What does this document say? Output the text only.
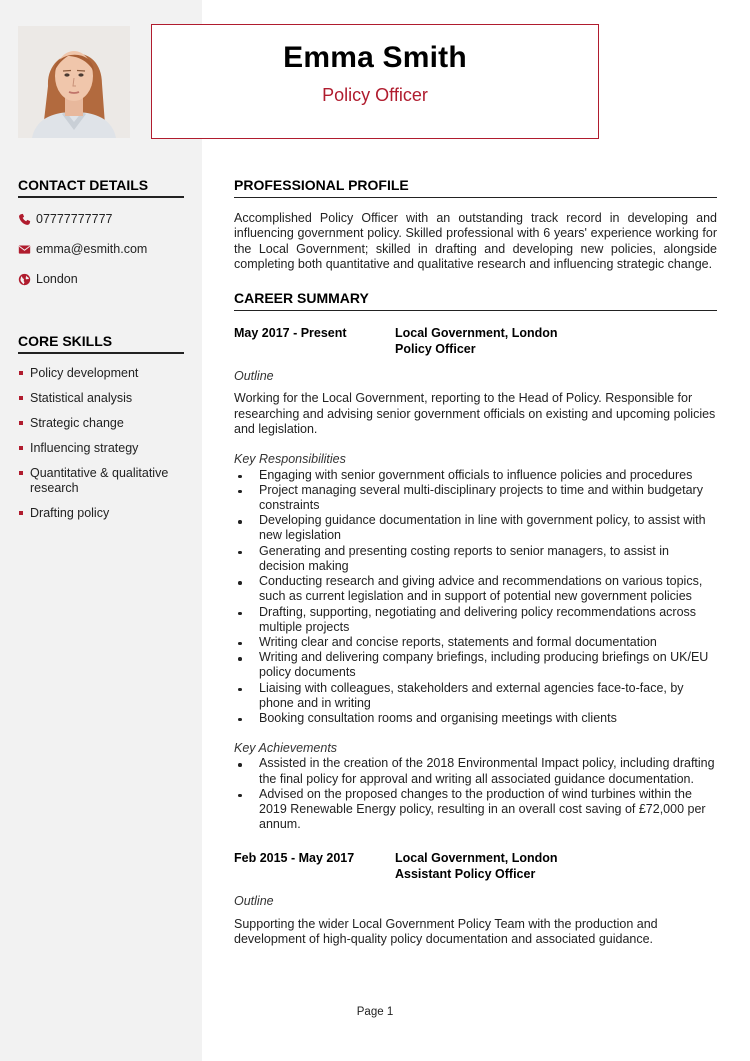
Emma Smith
Policy Officer
CONTACT DETAILS
07777777777
emma@esmith.com
London
CORE SKILLS
Policy development
Statistical analysis
Strategic change
Influencing strategy
Quantitative & qualitative research
Drafting policy
PROFESSIONAL PROFILE

Accomplished Policy Officer with an outstanding track record in developing and influencing government policy. Skilled professional with 6 years' experience working for the Local Government; skilled in drafting and developing new policies, alongside completing both quantitative and qualitative research and influencing strategic change.

CAREER SUMMARY
May 2017 - Present	Local Government, London
Policy Officer
Outline

Working for the Local Government, reporting to the Head of Policy. Responsible for researching and advising senior government officials on existing and upcoming policies and legislation.

Key Responsibilities
Engaging with senior government officials to influence policies and procedures
Project managing several multi-disciplinary projects to time and within budgetary constraints
Developing guidance documentation in line with government policy, to assist with new legislation
Generating and presenting costing reports to senior managers, to assist in decision making
Conducting research and giving advice and recommendations on various topics, such as current legislation and in support of potential new government policies
Drafting, supporting, negotiating and delivering policy recommendations across multiple projects
Writing clear and concise reports, statements and formal documentation
Writing and delivering company briefings, including producing briefings on UK/EU policy documents
Liaising with colleagues, stakeholders and external agencies face-to-face, by phone and in writing
Booking consultation rooms and organising meetings with clients
Key Achievements
Assisted in the creation of the 2018 Environmental Impact policy, including drafting the final policy for approval and writing all associated guidance documentation.
Advised on the proposed changes to the production of wind turbines within the 2019 Renewable Energy policy, resulting in an overall cost saving of £72,000 per annum.
Feb 2015 - May 2017	Local Government, London
Assistant Policy Officer
Outline

Supporting the wider Local Government Policy Team with the production and development of high-quality policy documentation and associated guidance.

Page 1
